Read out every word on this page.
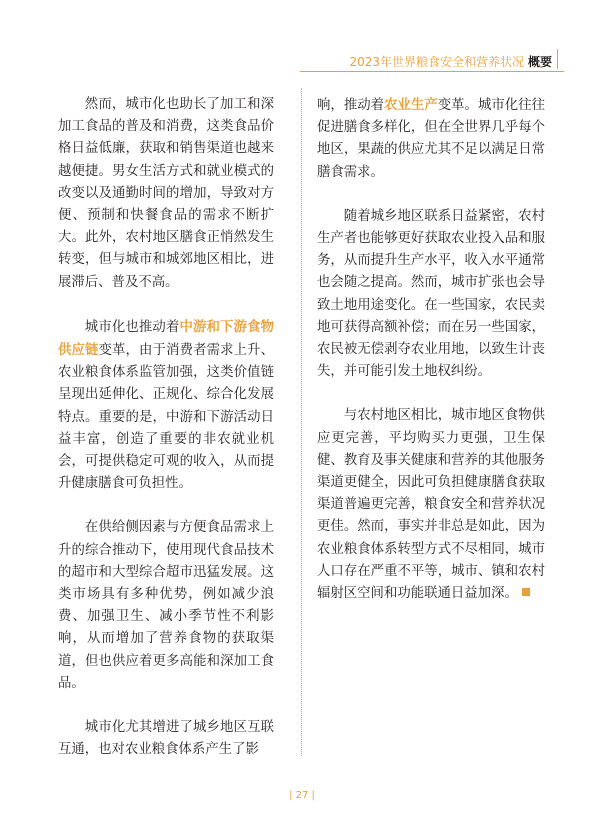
2023年世界粮食安全和营养状况 概要

然而，城市化也助长了加工和深加工食品的普及和消费，这类食品价格日益低廉，获取和销售渠道也越来越便捷。男女生活方式和就业模式的改变以及通勤时间的增加，导致对方便、预制和快餐食品的需求不断扩大。此外，农村地区膳食正悄然发生转变，但与城市和城郊地区相比，进展滞后、普及不高。

城市化也推动着中游和下游食物供应链变革，由于消费者需求上升、农业粮食体系监管加强，这类价值链呈现出延伸化、正规化、综合化发展特点。重要的是，中游和下游活动日益丰富，创造了重要的非农就业机会，可提供稳定可观的收入，从而提升健康膳食可负担性。

在供给侧因素与方便食品需求上升的综合推动下，使用现代食品技术的超市和大型综合超市迅猛发展。这类市场具有多种优势，例如减少浪费、加强卫生、减小季节性不利影响，从而增加了营养食物的获取渠道，但也供应着更多高能和深加工食品。

城市化尤其增进了城乡地区互联互通，也对农业粮食体系产生了影

响，推动着农业生产变革。城市化往往促进膳食多样化，但在全世界几乎每个地区，果蔬的供应尤其不足以满足日常膳食需求。

随着城乡地区联系日益紧密，农村生产者也能够更好获取农业投入品和服务，从而提升生产水平，收入水平通常也会随之提高。然而，城市扩张也会导致土地用途变化。在一些国家，农民卖地可获得高额补偿；而在另一些国家，农民被无偿剥夺农业用地，以致生计丧失，并可能引发土地权纠纷。

与农村地区相比，城市地区食物供应更完善，平均购买力更强，卫生保健、教育及事关健康和营养的其他服务渠道更健全，因此可负担健康膳食获取渠道普遍更完善，粮食安全和营养状况更佳。然而，事实并非总是如此，因为农业粮食体系转型方式不尽相同，城市人口存在严重不平等，城市、镇和农村辐射区空间和功能联通日益加深。

| 27 |
